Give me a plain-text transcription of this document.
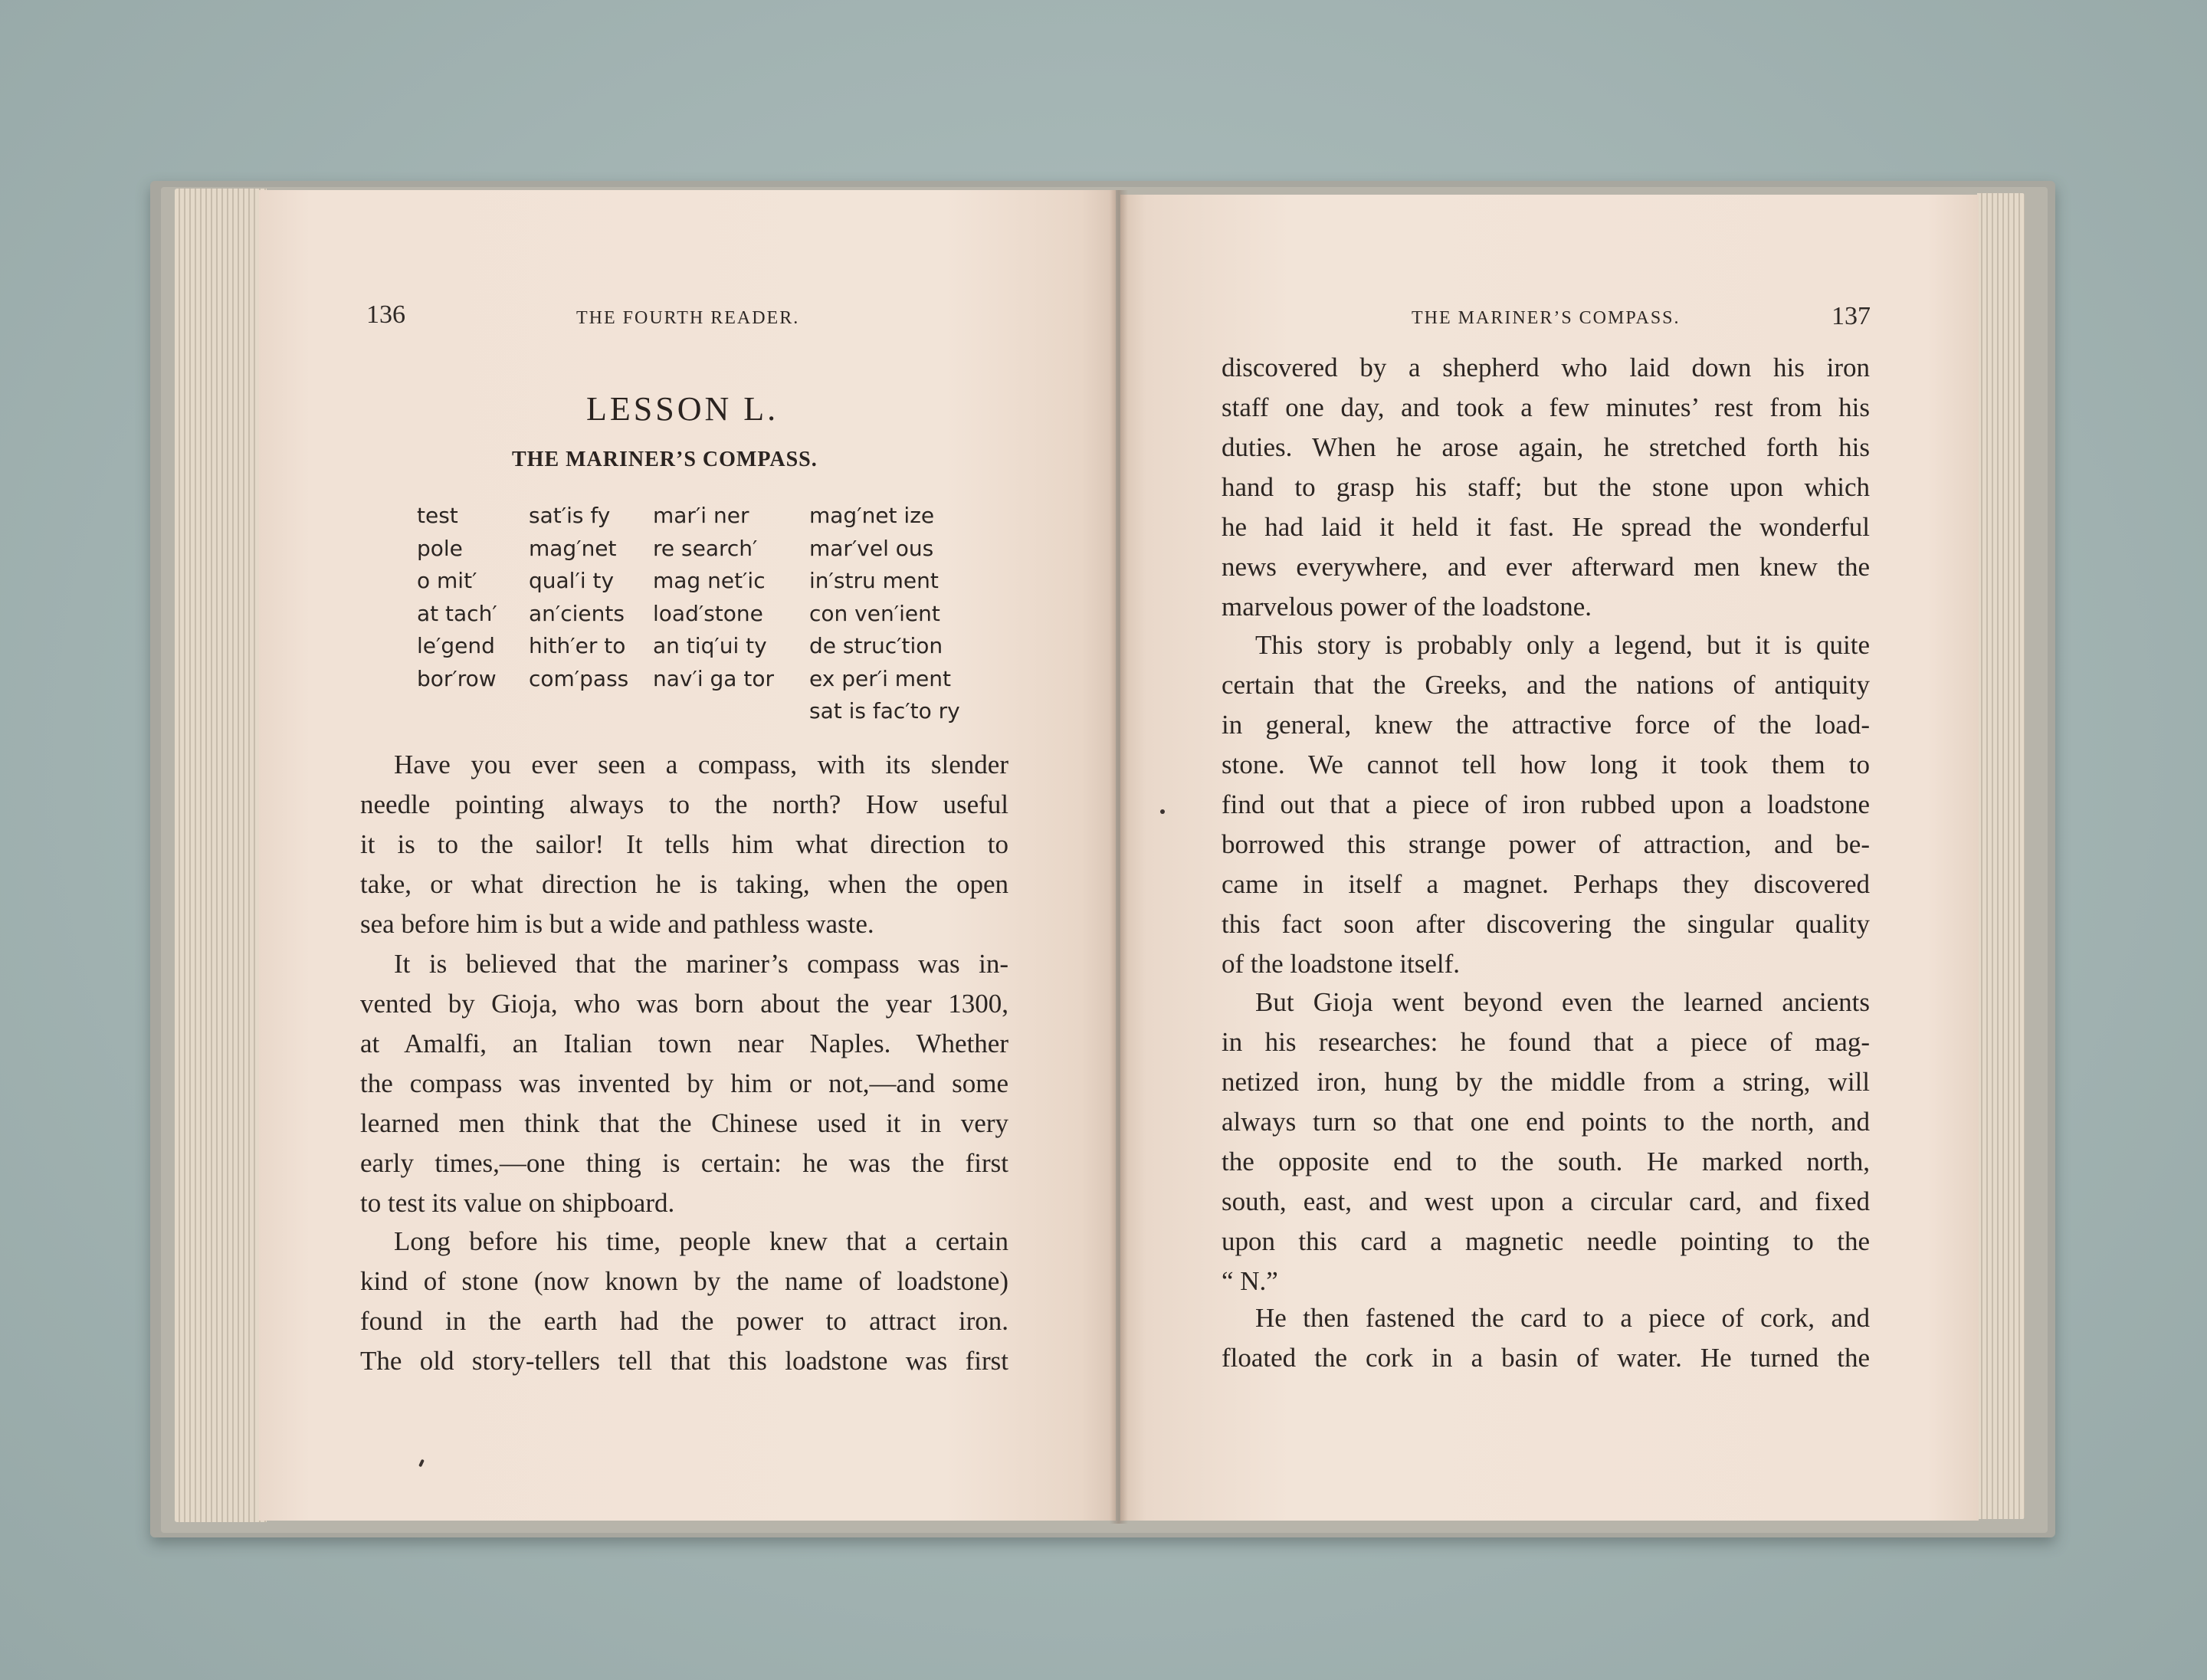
136	THE FOURTH READER.
LESSON L.
THE MARINER’S COMPASS.
test
pole
o mit′
at tach′
le′gend
bor′row
sat′is fy
mag′net
qual′i ty
an′cients
hith′er to
com′pass
mar′i ner
re search′
mag net′ic
load′stone
an tiq′ui ty
nav′i ga tor
mag′net ize
mar′vel ous
in′stru ment
con ven′ient
de struc′tion
ex per′i ment
sat is fac′to ry
Have you ever seen a compass, with its slender
needle pointing always to the north? How useful
it is to the sailor! It tells him what direction to
take, or what direction he is taking, when the open
sea before him is but a wide and pathless waste.
It is believed that the mariner’s compass was in-
vented by Gioja, who was born about the year 1300,
at Amalfi, an Italian town near Naples. Whether
the compass was invented by him or not,—and some
learned men think that the Chinese used it in very
early times,—one thing is certain: he was the first
to test its value on shipboard.
Long before his time, people knew that a certain
kind of stone (now known by the name of loadstone)
found in the earth had the power to attract iron.
The old story-tellers tell that this loadstone was first
THE MARINER’S COMPASS.	137
discovered by a shepherd who laid down his iron
staff one day, and took a few minutes’ rest from his
duties. When he arose again, he stretched forth his
hand to grasp his staff; but the stone upon which
he had laid it held it fast. He spread the wonderful
news everywhere, and ever afterward men knew the
marvelous power of the loadstone.
This story is probably only a legend, but it is quite
certain that the Greeks, and the nations of antiquity
in general, knew the attractive force of the load-
stone. We cannot tell how long it took them to
find out that a piece of iron rubbed upon a loadstone
borrowed this strange power of attraction, and be-
came in itself a magnet. Perhaps they discovered
this fact soon after discovering the singular quality
of the loadstone itself.
But Gioja went beyond even the learned ancients
in his researches: he found that a piece of mag-
netized iron, hung by the middle from a string, will
always turn so that one end points to the north, and
the opposite end to the south. He marked north,
south, east, and west upon a circular card, and fixed
upon this card a magnetic needle pointing to the
“ N.”
He then fastened the card to a piece of cork, and
floated the cork in a basin of water. He turned the
